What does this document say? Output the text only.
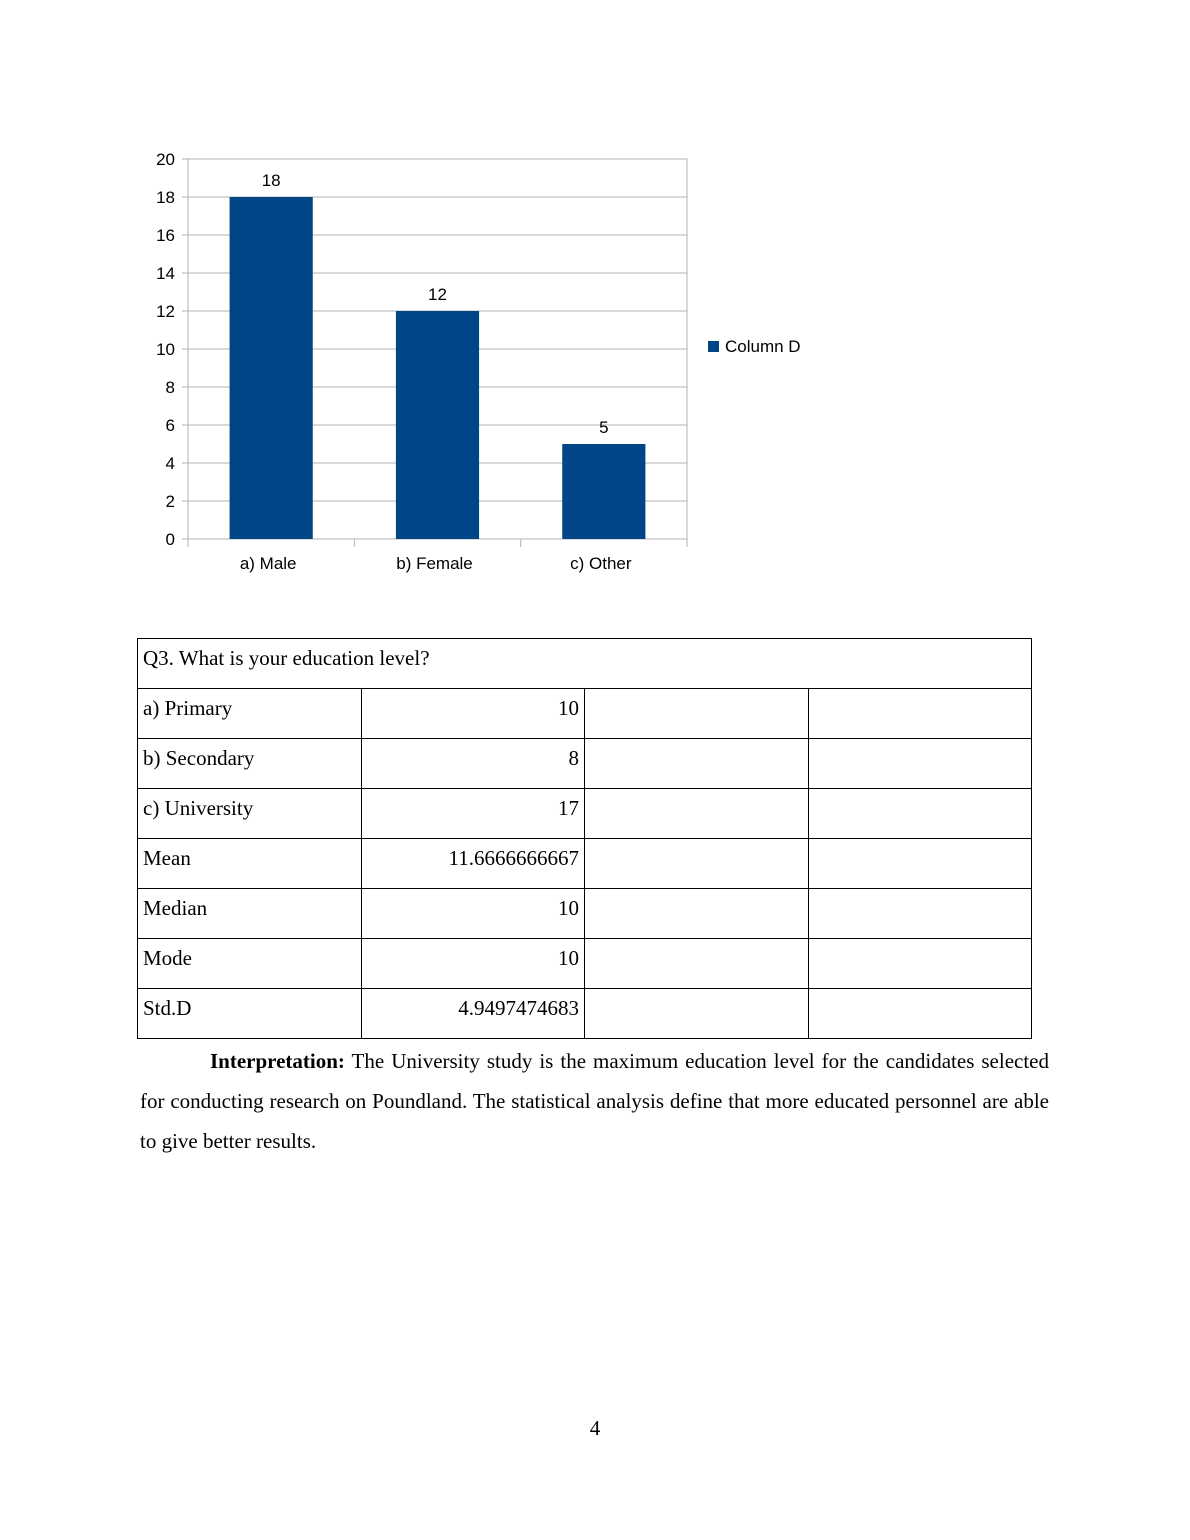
0
2
4
6
8
10
12
14
16
18
20
18
a) Male
12
b) Female
5
c) Other
Column D
Q3. What is your education level?			
a) Primary	10		
b) Secondary	8		
c) University	17		
Mean	11.6666666667		
Median	10		
Mode	10		
Std.D	4.9497474683		

Interpretation: The University study is the maximum education level for the candidates selected for conducting research on Poundland. The statistical analysis define that more educated personnel are able to give better results.

4
